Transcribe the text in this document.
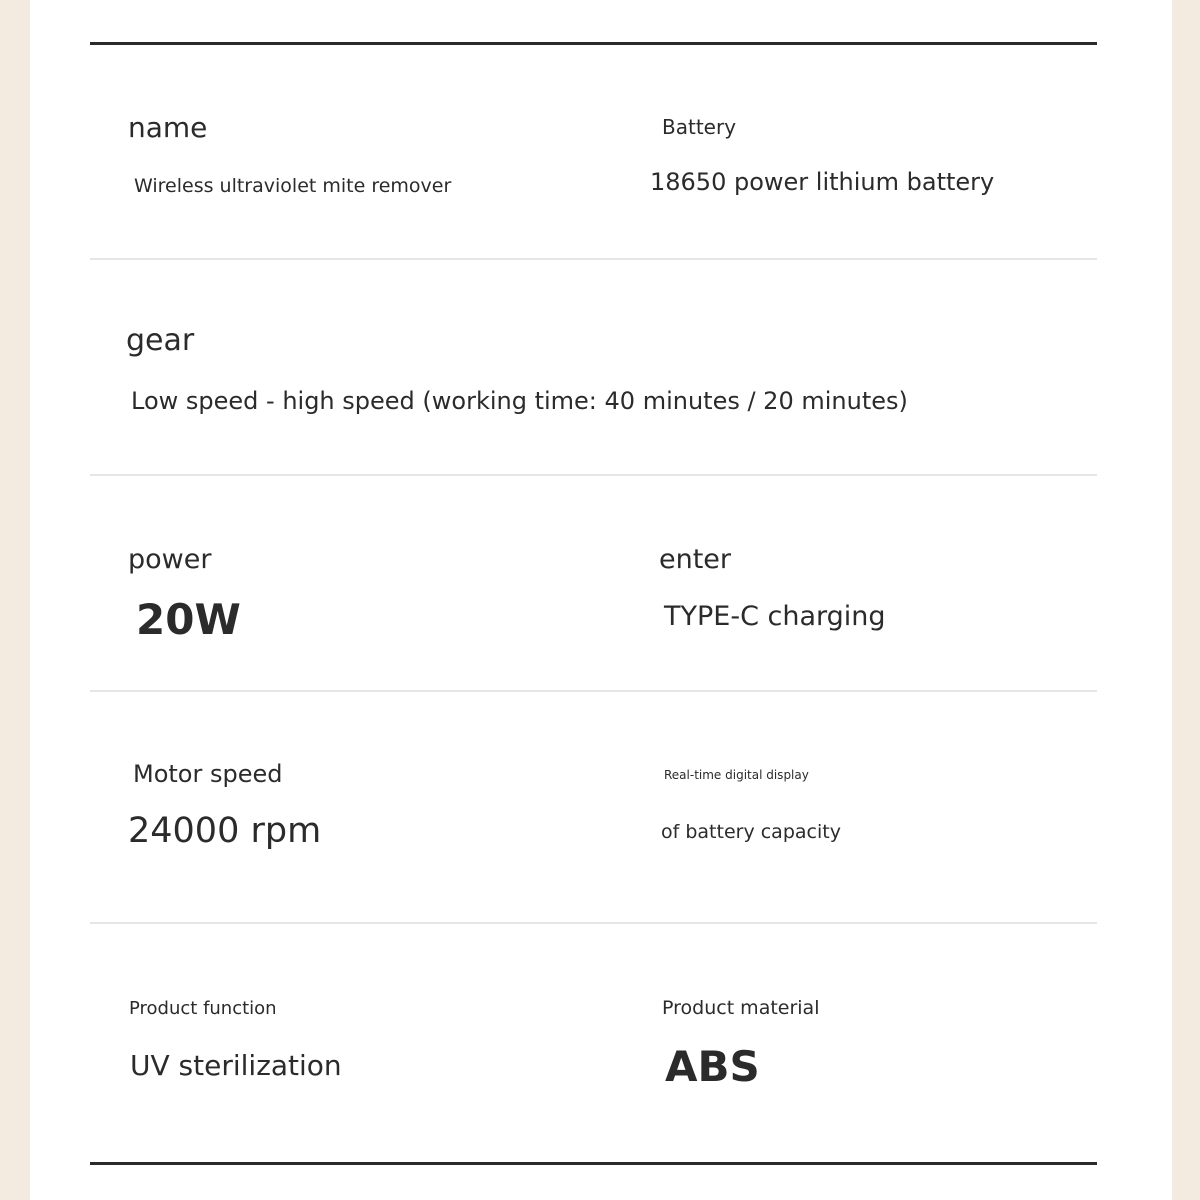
name
Wireless ultraviolet mite remover
Battery
18650 power lithium battery
gear
Low speed - high speed (working time: 40 minutes / 20 minutes)
power
20W
enter
TYPE-C charging
Motor speed
24000 rpm
Real-time digital display
of battery capacity
Product function
UV sterilization
Product material
ABS
